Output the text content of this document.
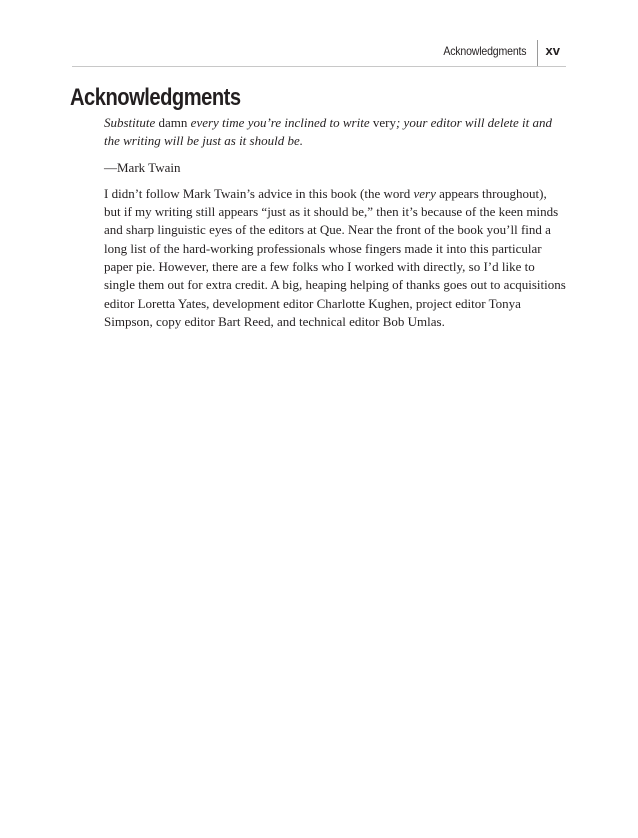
Acknowledgments xv
Acknowledgments

Substitute damn every time you’re inclined to write very; your editor will delete it and the writing will be just as it should be.

—Mark Twain

I didn’t follow Mark Twain’s advice in this book (the word very appears throughout), but if my writing still appears “just as it should be,” then it’s because of the keen minds and sharp linguistic eyes of the editors at Que. Near the front of the book you’ll find a long list of the hard-working professionals whose fingers made it into this particular paper pie. However, there are a few folks who I worked with directly, so I’d like to single them out for extra credit. A big, heaping helping of thanks goes out to acquisitions editor Loretta Yates, development editor Charlotte Kughen, project editor Tonya Simpson, copy editor Bart Reed, and technical editor Bob Umlas.
